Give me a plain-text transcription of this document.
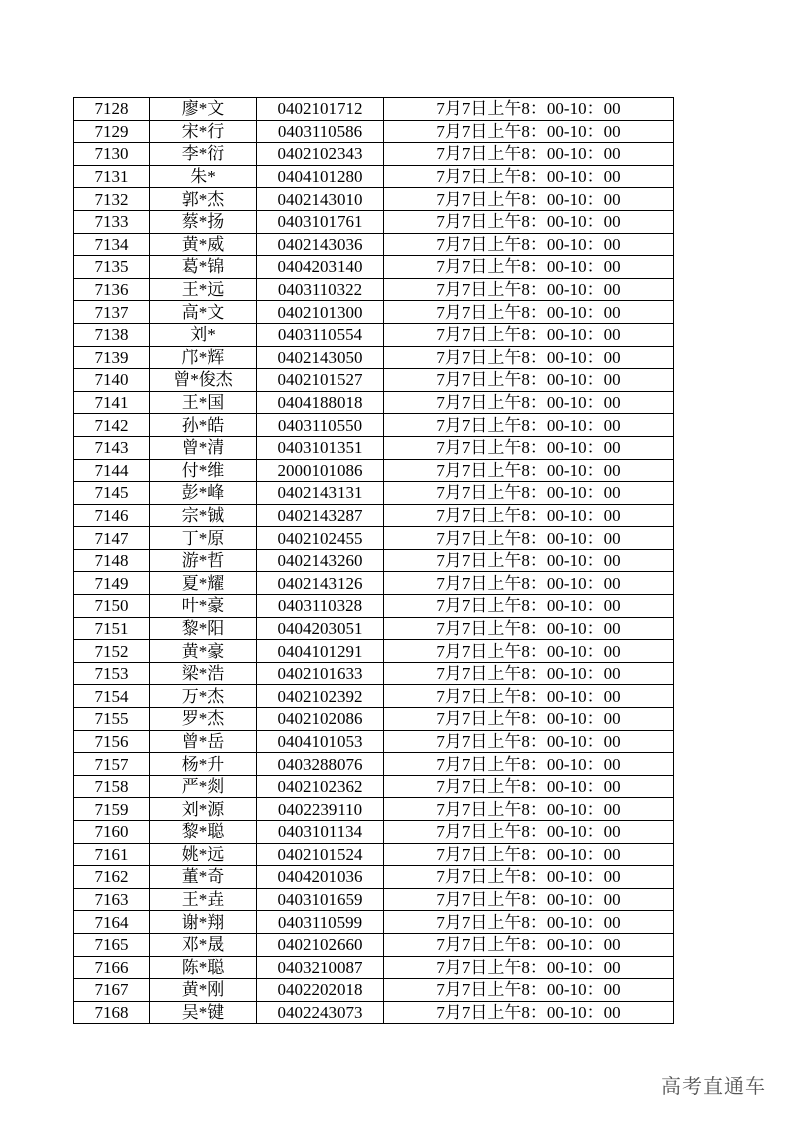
7128	廖*文	0402101712	7月7日上午8：00-10：00
7129	宋*行	0403110586	7月7日上午8：00-10：00
7130	李*衍	0402102343	7月7日上午8：00-10：00
7131	朱*	0404101280	7月7日上午8：00-10：00
7132	郭*杰	0402143010	7月7日上午8：00-10：00
7133	蔡*扬	0403101761	7月7日上午8：00-10：00
7134	黄*威	0402143036	7月7日上午8：00-10：00
7135	葛*锦	0404203140	7月7日上午8：00-10：00
7136	王*远	0403110322	7月7日上午8：00-10：00
7137	高*文	0402101300	7月7日上午8：00-10：00
7138	刘*	0403110554	7月7日上午8：00-10：00
7139	邝*辉	0402143050	7月7日上午8：00-10：00
7140	曾*俊杰	0402101527	7月7日上午8：00-10：00
7141	王*国	0404188018	7月7日上午8：00-10：00
7142	孙*皓	0403110550	7月7日上午8：00-10：00
7143	曾*清	0403101351	7月7日上午8：00-10：00
7144	付*维	2000101086	7月7日上午8：00-10：00
7145	彭*峰	0402143131	7月7日上午8：00-10：00
7146	宗*铖	0402143287	7月7日上午8：00-10：00
7147	丁*原	0402102455	7月7日上午8：00-10：00
7148	游*哲	0402143260	7月7日上午8：00-10：00
7149	夏*耀	0402143126	7月7日上午8：00-10：00
7150	叶*豪	0403110328	7月7日上午8：00-10：00
7151	黎*阳	0404203051	7月7日上午8：00-10：00
7152	黄*豪	0404101291	7月7日上午8：00-10：00
7153	梁*浩	0402101633	7月7日上午8：00-10：00
7154	万*杰	0402102392	7月7日上午8：00-10：00
7155	罗*杰	0402102086	7月7日上午8：00-10：00
7156	曾*岳	0404101053	7月7日上午8：00-10：00
7157	杨*升	0403288076	7月7日上午8：00-10：00
7158	严*剡	0402102362	7月7日上午8：00-10：00
7159	刘*源	0402239110	7月7日上午8：00-10：00
7160	黎*聪	0403101134	7月7日上午8：00-10：00
7161	姚*远	0402101524	7月7日上午8：00-10：00
7162	董*奇	0404201036	7月7日上午8：00-10：00
7163	王*垚	0403101659	7月7日上午8：00-10：00
7164	谢*翔	0403110599	7月7日上午8：00-10：00
7165	邓*晟	0402102660	7月7日上午8：00-10：00
7166	陈*聪	0403210087	7月7日上午8：00-10：00
7167	黄*刚	0402202018	7月7日上午8：00-10：00
7168	吴*键	0402243073	7月7日上午8：00-10：00
高考直通车
